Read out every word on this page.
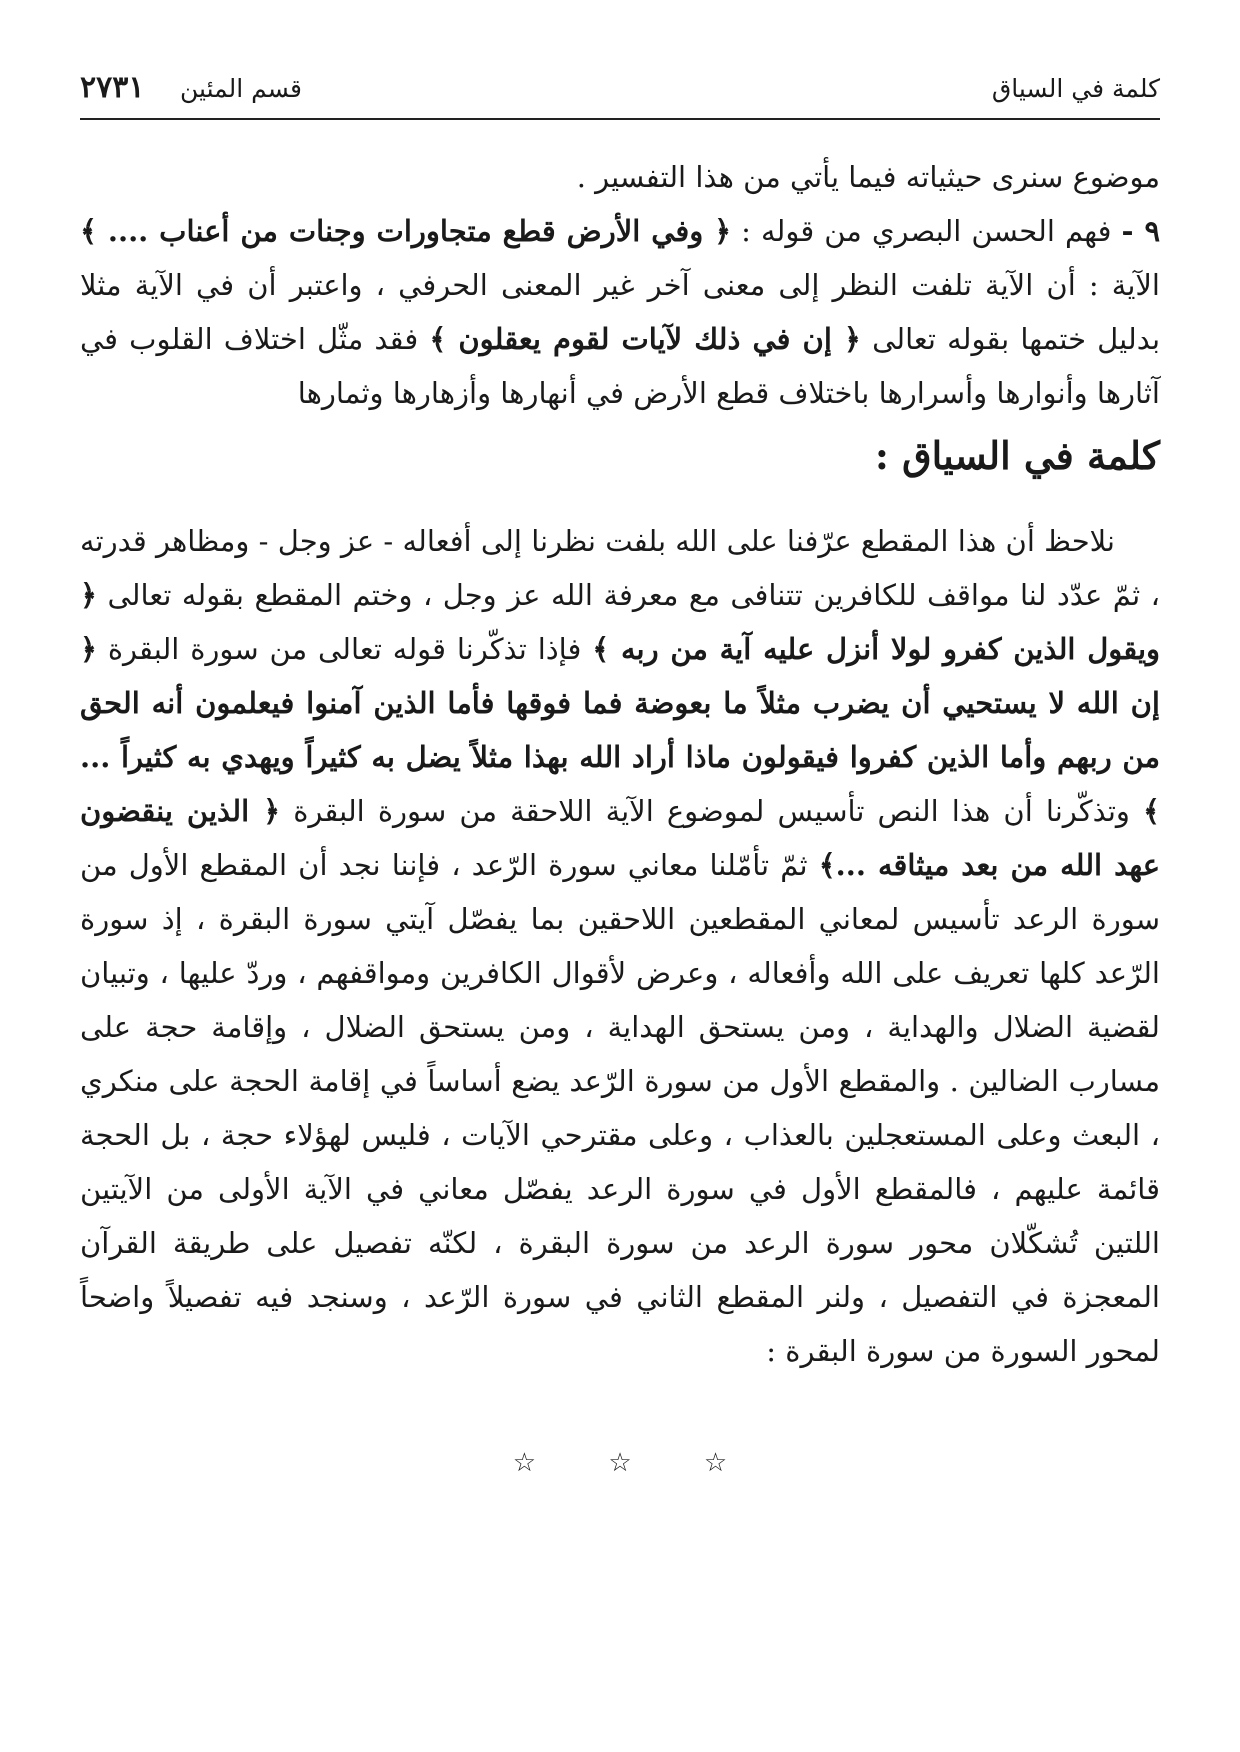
كلمة في السياق
قسم المئين
٢٧٣١

موضوع سنرى حيثياته فيما يأتي من هذا التفسير .

٩ - فهم الحسن البصري من قوله : ﴿ وفي الأرض قطع متجاورات وجنات من أعناب .... ﴾ الآية : أن الآية تلفت النظر إلى معنى آخر غير المعنى الحرفي ، واعتبر أن في الآية مثلا بدليل ختمها بقوله تعالى ﴿ إن في ذلك لآيات لقوم يعقلون ﴾ فقد مثّل اختلاف القلوب في آثارها وأنوارها وأسرارها باختلاف قطع الأرض في أنهارها وأزهارها وثمارها

كلمة في السياق :

نلاحظ أن هذا المقطع عرّفنا على الله بلفت نظرنا إلى أفعاله - عز وجل - ومظاهر قدرته ، ثمّ عدّد لنا مواقف للكافرين تتنافى مع معرفة الله عز وجل ، وختم المقطع بقوله تعالى ﴿ ويقول الذين كفرو لولا أنزل عليه آية من ربه ﴾ فإذا تذكّرنا قوله تعالى من سورة البقرة ﴿ إن الله لا يستحيي أن يضرب مثلاً ما بعوضة فما فوقها فأما الذين آمنوا فيعلمون أنه الحق من ربهم وأما الذين كفروا فيقولون ماذا أراد الله بهذا مثلاً يضل به كثيراً ويهدي به كثيراً ... ﴾ وتذكّرنا أن هذا النص تأسيس لموضوع الآية اللاحقة من سورة البقرة ﴿ الذين ينقضون عهد الله من بعد ميثاقه ...﴾ ثمّ تأمّلنا معاني سورة الرّعد ، فإننا نجد أن المقطع الأول من سورة الرعد تأسيس لمعاني المقطعين اللاحقين بما يفصّل آيتي سورة البقرة ، إذ سورة الرّعد كلها تعريف على الله وأفعاله ، وعرض لأقوال الكافرين ومواقفهم ، وردّ عليها ، وتبيان لقضية الضلال والهداية ، ومن يستحق الهداية ، ومن يستحق الضلال ، وإقامة حجة على مسارب الضالين . والمقطع الأول من سورة الرّعد يضع أساساً في إقامة الحجة على منكري ، البعث وعلى المستعجلين بالعذاب ، وعلى مقترحي الآيات ، فليس لهؤلاء حجة ، بل الحجة قائمة عليهم ، فالمقطع الأول في سورة الرعد يفصّل معاني في الآية الأولى من الآيتين اللتين تُشكّلان محور سورة الرعد من سورة البقرة ، لكنّه تفصيل على طريقة القرآن المعجزة في التفصيل ، ولنر المقطع الثاني في سورة الرّعد ، وسنجد فيه تفصيلاً واضحاً لمحور السورة من سورة البقرة :

☆	☆	☆
